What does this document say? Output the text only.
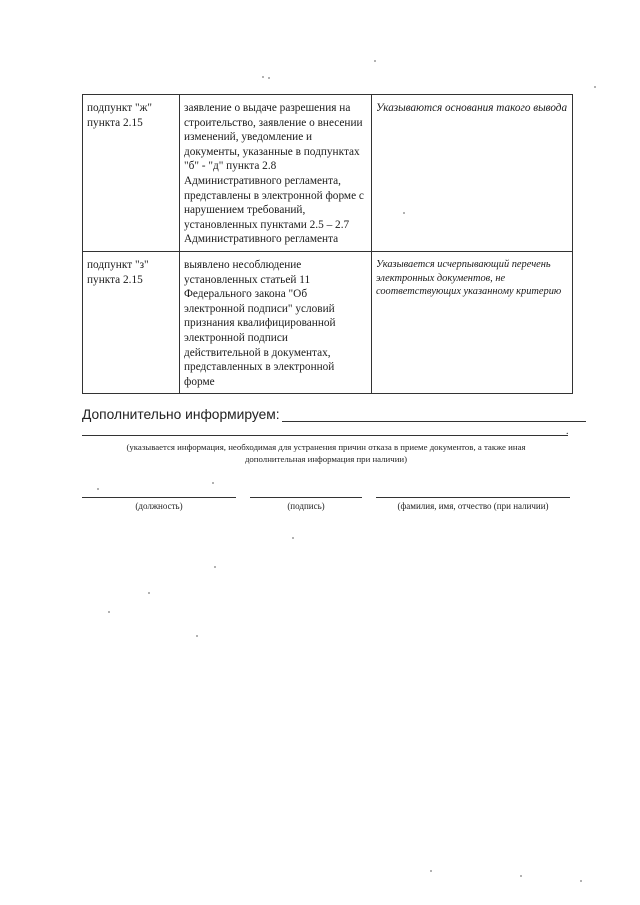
подпункт "ж" пункта 2.15	заявление о выдаче разрешения на строительство, заявление о внесении изменений, уведомление и документы, указанные в подпунктах "б" - "д" пункта 2.8 Административного регламента, представлены в электронной форме с нарушением требований, установленных пунктами 2.5 – 2.7 Административного регламента	Указываются основания такого вывода
подпункт "з" пункта 2.15	выявлено несоблюдение установленных статьей 11 Федерального закона "Об электронной подписи" условий признания квалифицированной электронной подписи действительной в документах, представленных в электронной форме	Указывается исчерпывающий перечень электронных документов, не соответствующих указанному критерию
Дополнительно информируем:
.
(указывается информация, необходимая для устранения причин отказа в приеме документов, а также иная дополнительная информация при наличии)
(должность)	(подпись)	(фамилия, имя, отчество (при наличии)
